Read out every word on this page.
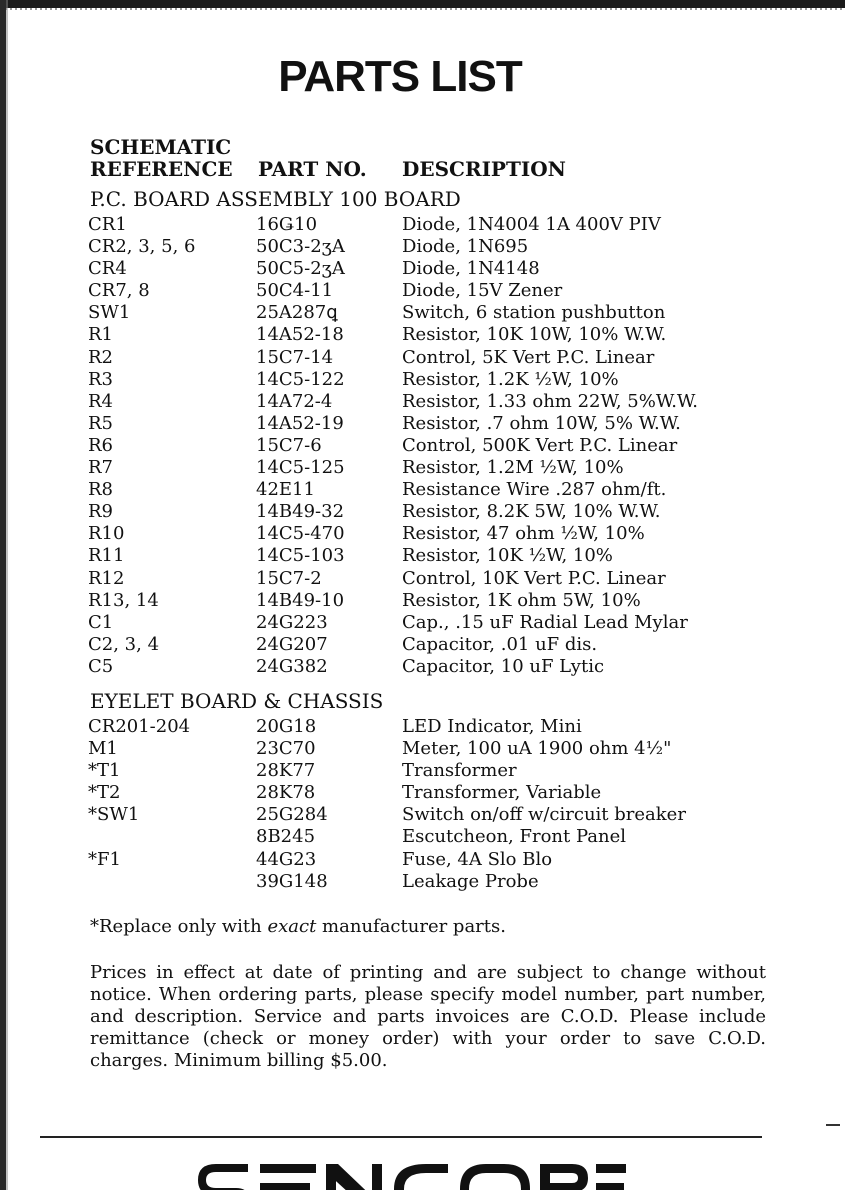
PARTS LIST
SCHEMATIC
REFERENCE PART NO. DESCRIPTION
P.C. BOARD ASSEMBLY 100 BOARD
CR1	16Ǥ10	Diode, 1N4004 1A 400V PIV
CR2, 3, 5, 6	50C3-2ʒA	Diode, 1N695
CR4	50C5-2ʒA	Diode, 1N4148
CR7, 8	50C4-11	Diode, 15V Zener
SW1	25A287ꝗ	Switch, 6 station pushbutton
R1	14A52-18	Resistor, 10K 10W, 10% W.W.
R2	15C7-14	Control, 5K Vert P.C. Linear
R3	14C5-122	Resistor, 1.2K ½W, 10%
R4	14A72-4	Resistor, 1.33 ohm 22W, 5%W.W.
R5	14A52-19	Resistor, .7 ohm 10W, 5% W.W.
R6	15C7-6	Control, 500K Vert P.C. Linear
R7	14C5-125	Resistor, 1.2M ½W, 10%
R8	42E11	Resistance Wire .287 ohm/ft.
R9	14B49-32	Resistor, 8.2K 5W, 10% W.W.
R10	14C5-470	Resistor, 47 ohm ½W, 10%
R11	14C5-103	Resistor, 10K ½W, 10%
R12	15C7-2	Control, 10K Vert P.C. Linear
R13, 14	14B49-10	Resistor, 1K ohm 5W, 10%
C1	24G223	Cap., .15 uF Radial Lead Mylar
C2, 3, 4	24G207	Capacitor, .01 uF dis.
C5	24G382	Capacitor, 10 uF Lytic
EYELET BOARD & CHASSIS
CR201-204	20G18	LED Indicator, Mini
M1	23C70	Meter, 100 uA 1900 ohm 4½"
*T1	28K77	Transformer
*T2	28K78	Transformer, Variable
*SW1	25G284	Switch on/off w/circuit breaker
	8B245	Escutcheon, Front Panel
*F1	44G23	Fuse, 4A Slo Blo
	39G148	Leakage Probe
*Replace only with exact manufacturer parts.
Prices in effect at date of printing and are subject to change without notice. When ordering parts, please specify model number, part number, and description. Service and parts invoices are C.O.D. Please include remittance (check or money order) with your order to save C.O.D. charges. Minimum billing $5.00.
